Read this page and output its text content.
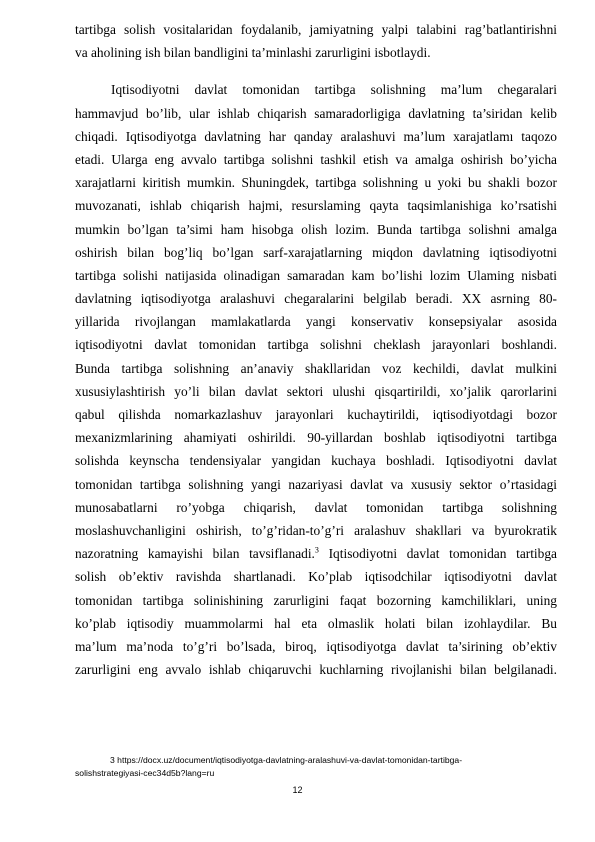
tartibga solish vositalaridan foydalanib, jamiyatning yalpi talabini rag’batlantirishni
va aholining ish bilan bandligini ta’minlashi zarurligini isbotlaydi.
Iqtisodiyotni davlat tomonidan tartibga solishning ma’lum chegaralari
hammavjud bo’lib, ular ishlab chiqarish samaradorligiga davlatning ta’siridan kelib
chiqadi. Iqtisodiyotga davlatning har qanday aralashuvi ma’lum xarajatlamı taqozo
etadi. Ularga eng avvalo tartibga solishni tashkil etish va amalga oshirish bo’yicha
xarajatlarni kiritish mumkin. Shuningdek, tartibga solishning u yoki bu shakli bozor
muvozanati, ishlab chiqarish hajmi, resurslaming qayta taqsimlanishiga ko’rsatishi
mumkin bo’lgan ta’simi ham hisobga olish lozim. Bunda tartibga solishni amalga
oshirish bilan bog’liq bo’lgan sarf-xarajatlarning miqdon davlatning iqtisodiyotni
tartibga solishi natijasida olinadigan samaradan kam bo’lishi lozim Ulaming nisbati
davlatning iqtisodiyotga aralashuvi chegaralarini belgilab beradi. XX asrning 80-
yillarida rivojlangan mamlakatlarda yangi konservativ konsepsiyalar asosida
iqtisodiyotni davlat tomonidan tartibga solishni cheklash jarayonlari boshlandi.
Bunda tartibga solishning an’anaviy shakllaridan voz kechildi, davlat mulkini
xususiylashtirish yo’li bilan davlat sektori ulushi qisqartirildi, xo’jalik qarorlarini
qabul qilishda nomarkazlashuv jarayonlari kuchaytirildi, iqtisodiyotdagi bozor
mexanizmlarining ahamiyati oshirildi. 90-yillardan boshlab iqtisodiyotni tartibga
solishda keynscha tendensiyalar yangidan kuchaya boshladi. Iqtisodiyotni davlat
tomonidan tartibga solishning yangi nazariyasi davlat va xususiy sektor o’rtasidagi
munosabatlarni ro’yobga chiqarish, davlat tomonidan tartibga solishning
moslashuvchanligini oshirish, to’g’ridan-to’g’ri aralashuv shakllari va byurokratik
nazoratning kamayishi bilan tavsiflanadi.$^3$ Iqtisodiyotni davlat tomonidan tartibga
solish ob’ektiv ravishda shartlanadi. Ko’plab iqtisodchilar iqtisodiyotni davlat
tomonidan tartibga solinishining zarurligini faqat bozorning kamchiliklari, uning
ko’plab iqtisodiy muammolarmi hal eta olmaslik holati bilan izohlaydilar. Bu
ma’lum ma’noda to’g’ri bo’lsada, biroq, iqtisodiyotga davlat ta’sirining ob’ektiv
zarurligini eng avvalo ishlab chiqaruvchi kuchlarning rivojlanishi bilan belgilanadi.
3 https://docx.uz/document/iqtisodiyotga-davlatning-aralashuvi-va-davlat-tomonidan-tartibga-
solishstrategiyasi-cec34d5b?lang=ru
12
